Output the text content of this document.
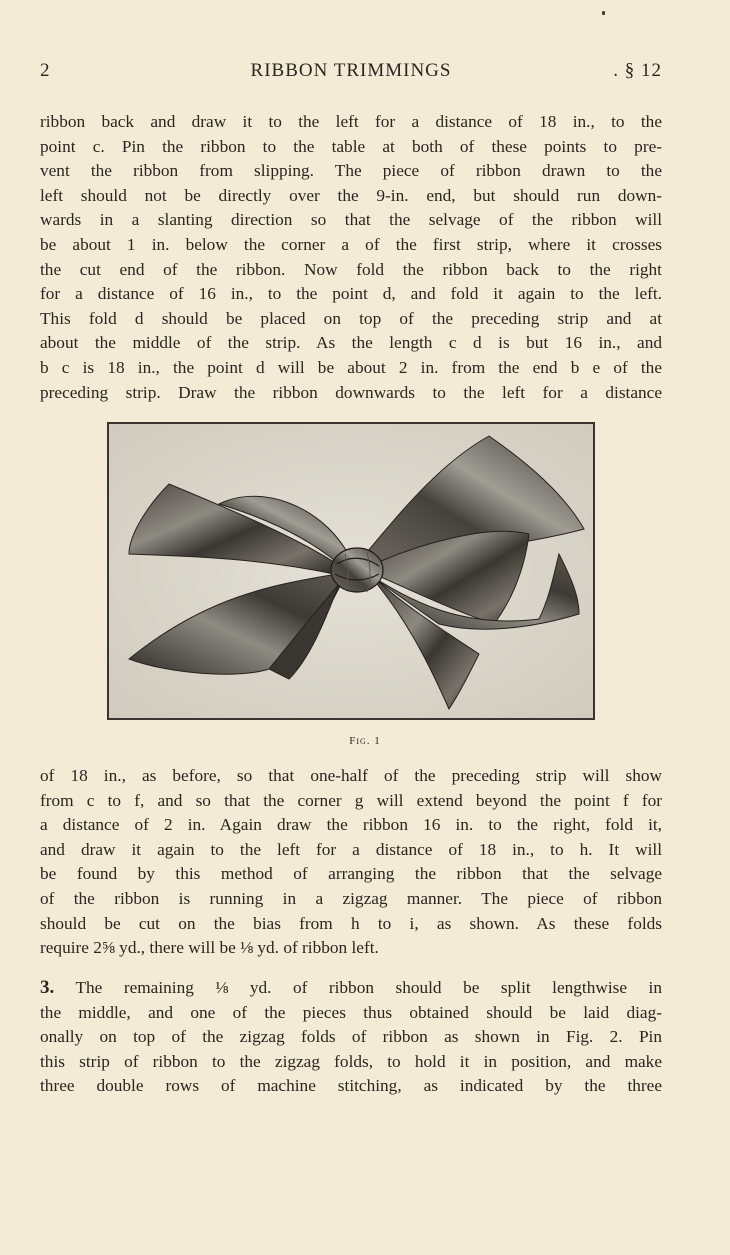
2	RIBBON TRIMMINGS	. § 12
ribbon back and draw it to the left for a distance of 18 in., to the
point c. Pin the ribbon to the table at both of these points to pre-
vent the ribbon from slipping. The piece of ribbon drawn to the
left should not be directly over the 9-in. end, but should run down-
wards in a slanting direction so that the selvage of the ribbon will
be about 1 in. below the corner a of the first strip, where it crosses
the cut end of the ribbon. Now fold the ribbon back to the right
for a distance of 16 in., to the point d, and fold it again to the left.
This fold d should be placed on top of the preceding strip and at
about the middle of the strip. As the length c d is but 16 in., and
b c is 18 in., the point d will be about 2 in. from the end b e of the
preceding strip. Draw the ribbon downwards to the left for a distance
Fig. 1
of 18 in., as before, so that one-half of the preceding strip will show
from c to f, and so that the corner g will extend beyond the point f for
a distance of 2 in. Again draw the ribbon 16 in. to the right, fold it,
and draw it again to the left for a distance of 18 in., to h. It will
be found by this method of arranging the ribbon that the selvage
of the ribbon is running in a zigzag manner. The piece of ribbon
should be cut on the bias from h to i, as shown. As these folds
require 2⅝ yd., there will be ⅛ yd. of ribbon left.
3. The remaining ⅛ yd. of ribbon should be split lengthwise in
the middle, and one of the pieces thus obtained should be laid diag-
onally on top of the zigzag folds of ribbon as shown in Fig. 2. Pin
this strip of ribbon to the zigzag folds, to hold it in position, and make
three double rows of machine stitching, as indicated by the three
